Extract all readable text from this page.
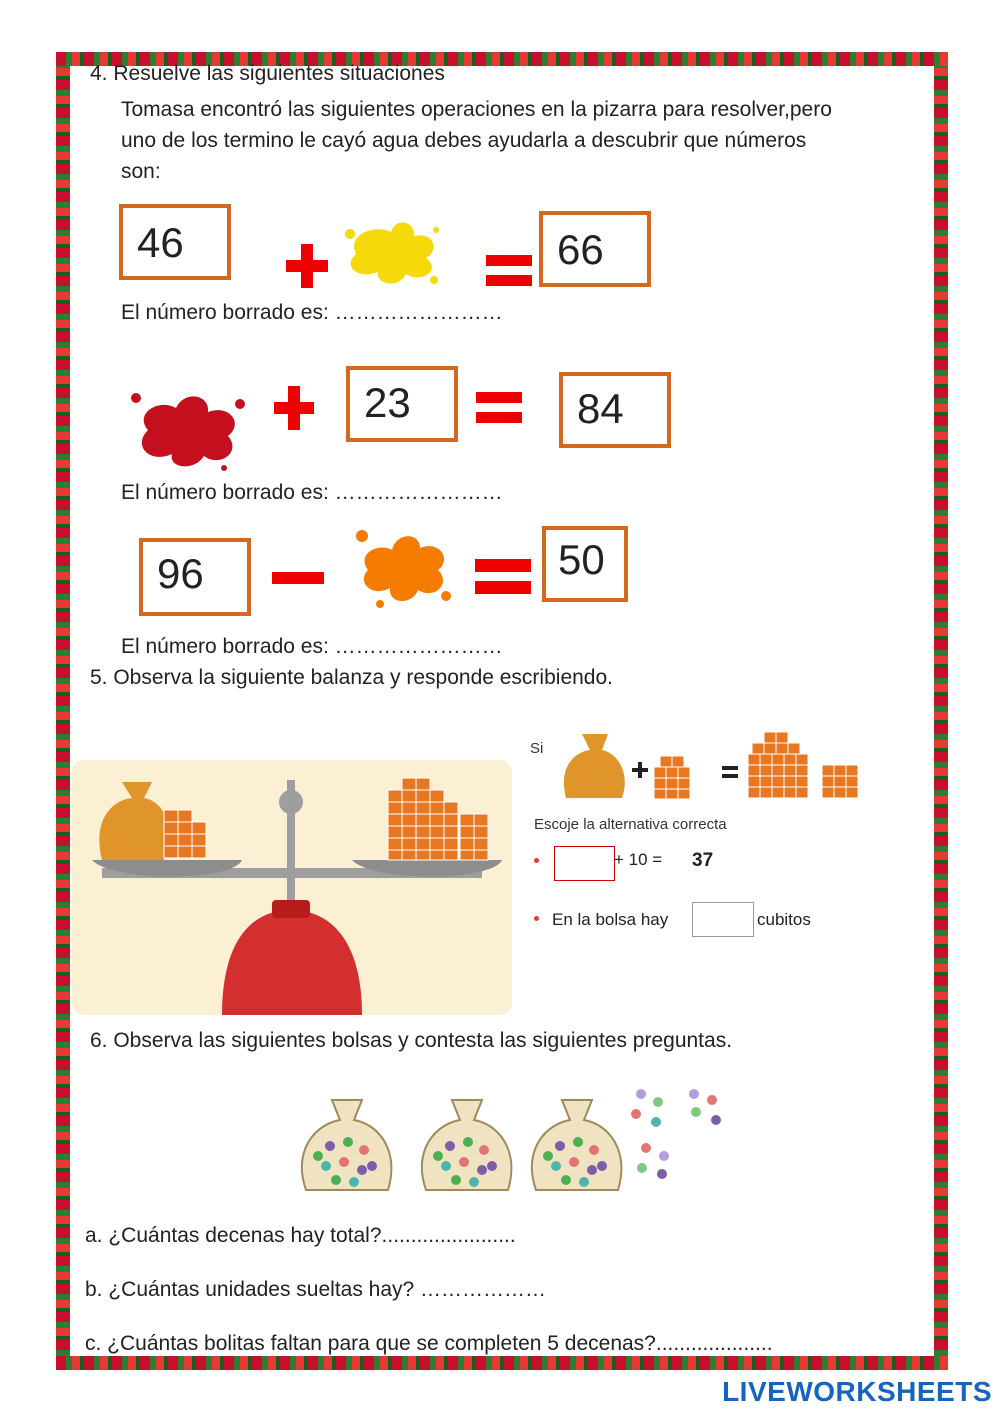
4. Resuelve las siguientes situaciones
Tomasa encontró las siguientes operaciones en la pizarra para resolver,pero
uno de los termino le cayó agua debes ayudarla a descubrir que números
son:
46	66
El número borrado es: ……………………
23	84
El número borrado es: ……………………
96	50
El número borrado es: ……………………
5. Observa la siguiente balanza y responde escribiendo.
Si
Escoje la alternativa correcta
+ 10 = 37
En la bolsa hay	cubitos
6. Observa las siguientes bolsas y contesta las siguientes preguntas.
a. ¿Cuántas decenas hay total?.......................
b. ¿Cuántas unidades sueltas hay? ………………
c. ¿Cuántas bolitas faltan para que se completen 5 decenas?....................
LIVEWORKSHEETS
